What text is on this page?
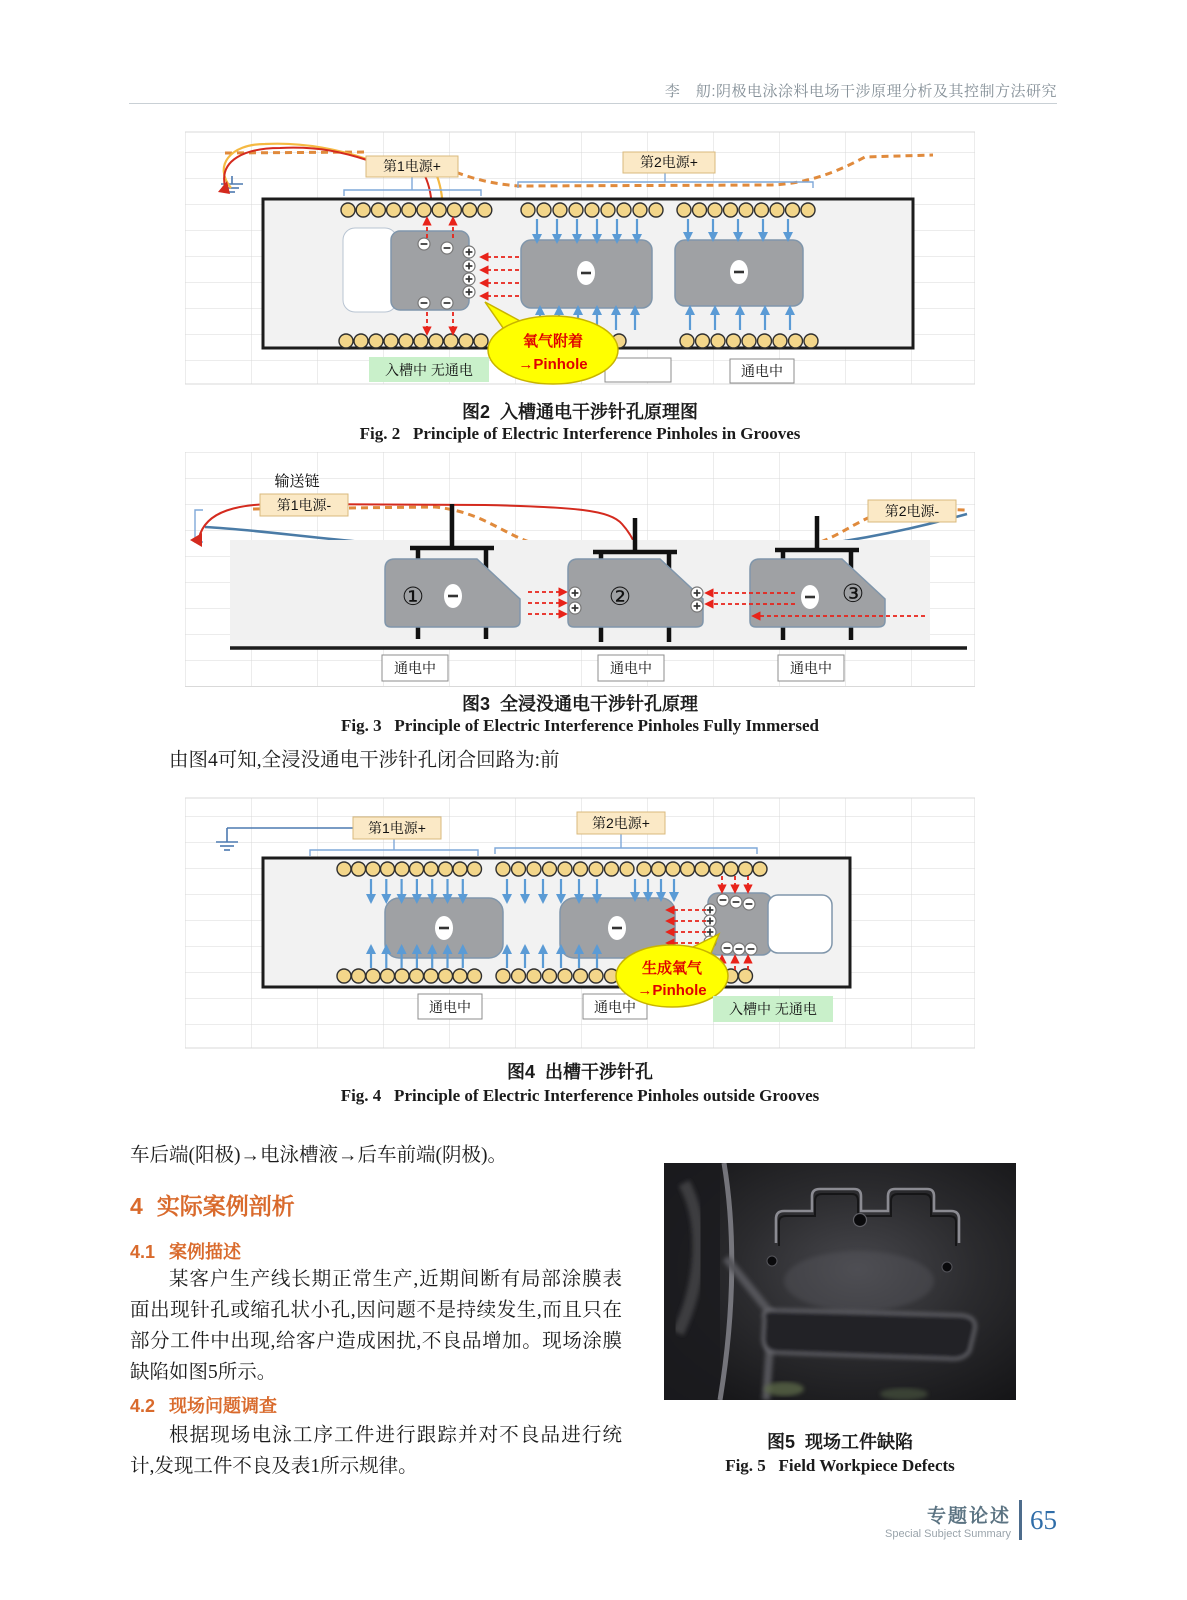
李　舠:阴极电泳涂料电场干涉原理分析及其控制方法研究
第1电源+	第2电源+
入槽中 无通电	通电中
氧气附着
→Pinhole
图2  入槽通电干涉针孔原理图
Fig. 2   Principle of Electric Interference Pinholes in Grooves
输送链
①	②	③
第1电源-	第2电源-
通电中	通电中	通电中
图3  全浸没通电干涉针孔原理
Fig. 3   Principle of Electric Interference Pinholes Fully Immersed
由图4可知,全浸没通电干涉针孔闭合回路为:前
第1电源+	第2电源+
通电中	通电中
生成氧气
→Pinhole
入槽中 无通电
图4  出槽干涉针孔
Fig. 4   Principle of Electric Interference Pinholes outside Grooves
车后端(阳极)→电泳槽液→后车前端(阴极)。
4 实际案例剖析
4.1 案例描述
某客户生产线长期正常生产,近期间断有局部涂膜表面出现针孔或缩孔状小孔,因问题不是持续发生,而且只在部分工件中出现,给客户造成困扰,不良品增加。现场涂膜缺陷如图5所示。
4.2 现场问题调查
根据现场电泳工序工件进行跟踪并对不良品进行统计,发现工件不良及表1所示规律。
图5  现场工件缺陷
Fig. 5   Field Workpiece Defects
专题论述
Special Subject Summary 65
